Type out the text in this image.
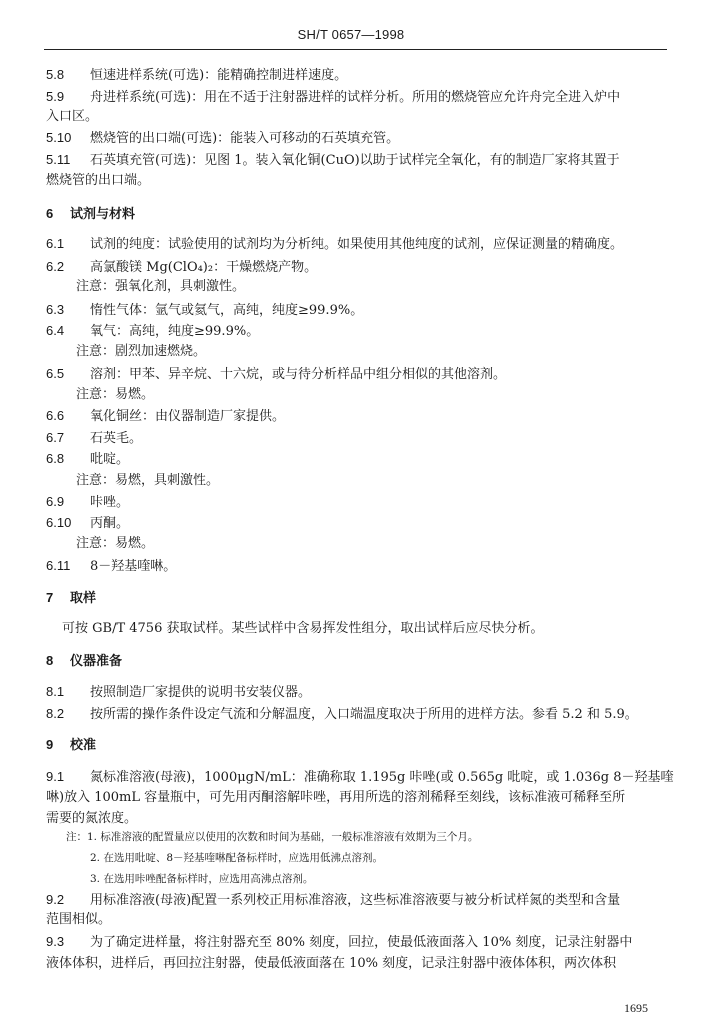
SH/T 0657—1998
5.8 恒速进样系统(可选)：能精确控制进样速度。
5.9 舟进样系统(可选)：用在不适于注射器进样的试样分析。所用的燃烧管应允许舟完全进入炉中
入口区。
5.10 燃烧管的出口端(可选)：能装入可移动的石英填充管。
5.11 石英填充管(可选)：见图 1。装入氧化铜(CuO)以助于试样完全氧化，有的制造厂家将其置于
燃烧管的出口端。
6 试剂与材料
6.1 试剂的纯度：试验使用的试剂均为分析纯。如果使用其他纯度的试剂，应保证测量的精确度。
6.2 高氯酸镁 Mg(ClO₄)₂：干燥燃烧产物。
注意：强氧化剂，具刺激性。
6.3 惰性气体：氩气或氦气，高纯，纯度≥99.9%。
6.4 氧气：高纯，纯度≥99.9%。
注意：剧烈加速燃烧。
6.5 溶剂：甲苯、异辛烷、十六烷，或与待分析样品中组分相似的其他溶剂。
注意：易燃。
6.6 氧化铜丝：由仪器制造厂家提供。
6.7 石英毛。
6.8 吡啶。
注意：易燃，具刺激性。
6.9 咔唑。
6.10 丙酮。
注意：易燃。
6.11 8－羟基喹啉。
7 取样
可按 GB/T 4756 获取试样。某些试样中含易挥发性组分，取出试样后应尽快分析。
8 仪器准备
8.1 按照制造厂家提供的说明书安装仪器。
8.2 按所需的操作条件设定气流和分解温度，入口端温度取决于所用的进样方法。参看 5.2 和 5.9。
9 校准
9.1 氮标准溶液(母液)，1000μgN/mL：准确称取 1.195g 咔唑(或 0.565g 吡啶，或 1.036g 8－羟基喹
啉)放入 100mL 容量瓶中，可先用丙酮溶解咔唑，再用所选的溶剂稀释至刻线，该标准液可稀释至所
需要的氮浓度。
注：1. 标准溶液的配置量应以使用的次数和时间为基础，一般标准溶液有效期为三个月。
2. 在选用吡啶、8－羟基喹啉配备标样时，应选用低沸点溶剂。
3. 在选用咔唑配备标样时，应选用高沸点溶剂。
9.2 用标准溶液(母液)配置一系列校正用标准溶液，这些标准溶液要与被分析试样氮的类型和含量
范围相似。
9.3 为了确定进样量，将注射器充至 80% 刻度，回拉，使最低液面落入 10% 刻度，记录注射器中
液体体积，进样后，再回拉注射器，使最低液面落在 10% 刻度，记录注射器中液体体积，两次体积
1695
